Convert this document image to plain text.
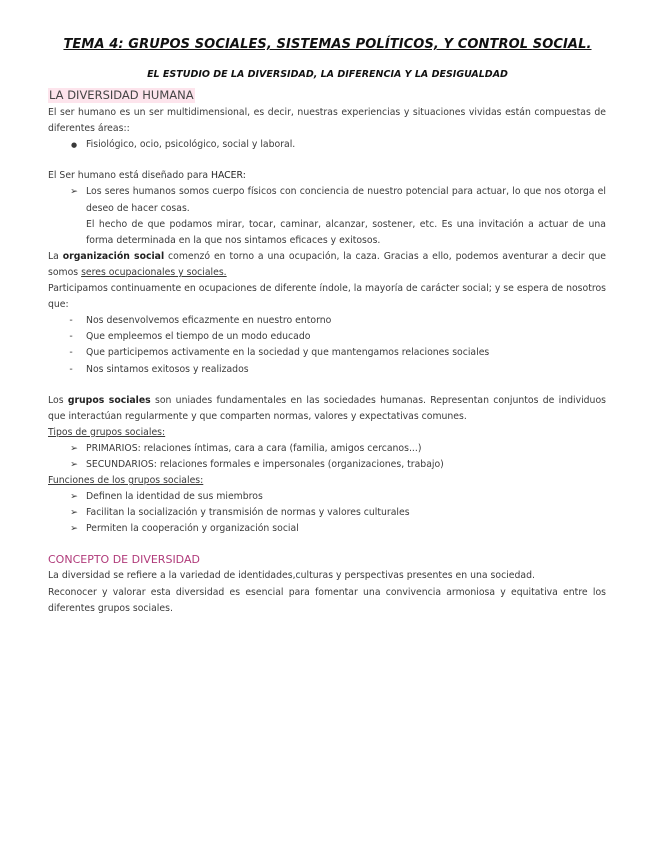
TEMA 4: GRUPOS SOCIALES, SISTEMAS POLÍTICOS, Y CONTROL SOCIAL.
EL ESTUDIO DE LA DIVERSIDAD, LA DIFERENCIA Y LA DESIGUALDAD
LA DIVERSIDAD HUMANA

El ser humano es un ser multidimensional, es decir, nuestras experiencias y situaciones vividas están compuestas de diferentes áreas::

● Fisiológico, ocio, psicológico, social y laboral.

El Ser humano está diseñado para HACER:

➢ Los seres humanos somos cuerpo físicos con conciencia de nuestro potencial para actuar, lo que nos otorga el deseo de hacer cosas.
El hecho de que podamos mirar, tocar, caminar, alcanzar, sostener, etc. Es una invitación a actuar de una forma determinada en la que nos sintamos eficaces y exitosos.

La organización social comenzó en torno a una ocupación, la caza. Gracias a ello, podemos aventurar a decir que somos seres ocupacionales y sociales.

Participamos continuamente en ocupaciones de diferente índole, la mayoría de carácter social; y se espera de nosotros que:

-	Nos desenvolvemos eficazmente en nuestro entorno
-	Que empleemos el tiempo de un modo educado
-	Que participemos activamente en la sociedad y que mantengamos relaciones sociales
-	Nos sintamos exitosos y realizados

Los grupos sociales son uniades fundamentales en las sociedades humanas. Representan conjuntos de individuos que interactúan regularmente y que comparten normas, valores y expectativas comunes.

Tipos de grupos sociales:

➢ PRIMARIOS: relaciones íntimas, cara a cara (familia, amigos cercanos...)
➢ SECUNDARIOS: relaciones formales e impersonales (organizaciones, trabajo)

Funciones de los grupos sociales:

➢ Definen la identidad de sus miembros
➢ Facilitan la socialización y transmisión de normas y valores culturales
➢ Permiten la cooperación y organización social

CONCEPTO DE DIVERSIDAD

La diversidad se refiere a la variedad de identidades,culturas y perspectivas presentes en una sociedad.

Reconocer y valorar esta diversidad es esencial para fomentar una convivencia armoniosa y equitativa entre los diferentes grupos sociales.
